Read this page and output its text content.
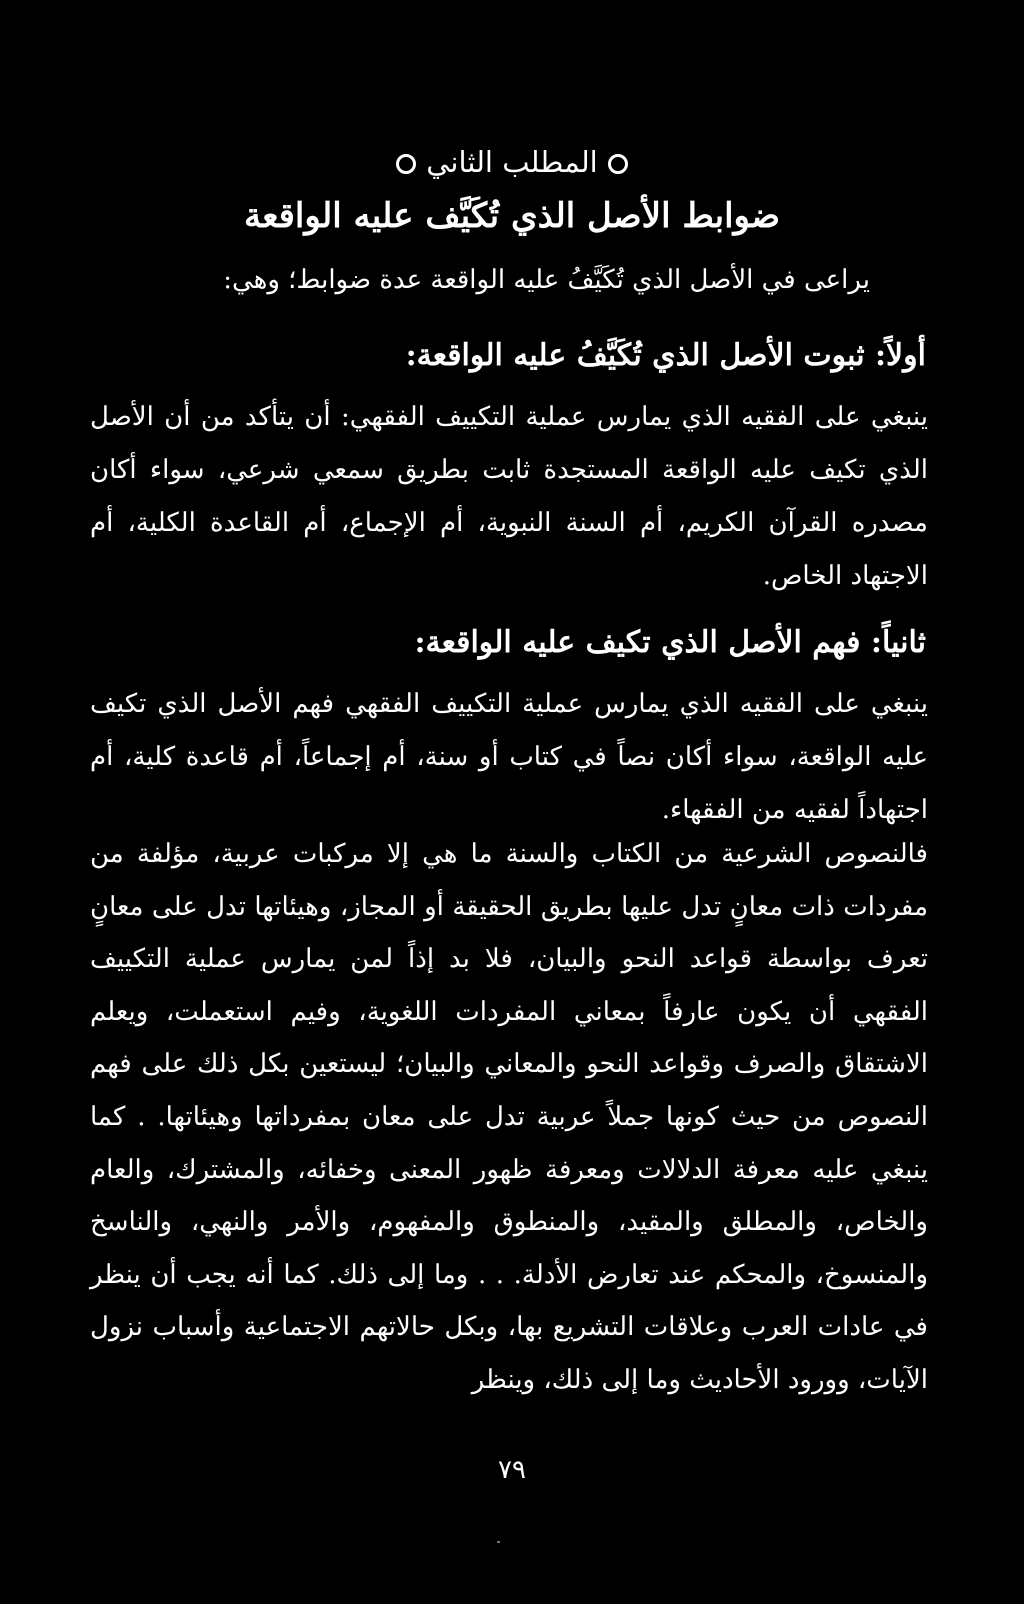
المطلب الثاني
ضوابط الأصل الذي تُكَيَّف عليه الواقعة
يراعى في الأصل الذي تُكَيَّفُ عليه الواقعة عدة ضوابط؛ وهي:
أولاً: ثبوت الأصل الذي تُكَيَّفُ عليه الواقعة:

ينبغي على الفقيه الذي يمارس عملية التكييف الفقهي: أن يتأكد من أن الأصل الذي تكيف عليه الواقعة المستجدة ثابت بطريق سمعي شرعي، سواء أكان مصدره القرآن الكريم، أم السنة النبوية، أم الإجماع، أم القاعدة الكلية، أم الاجتهاد الخاص.

ثانياً: فهم الأصل الذي تكيف عليه الواقعة:

ينبغي على الفقيه الذي يمارس عملية التكييف الفقهي فهم الأصل الذي تكيف عليه الواقعة، سواء أكان نصاً في كتاب أو سنة، أم إجماعاً، أم قاعدة كلية، أم اجتهاداً لفقيه من الفقهاء.

فالنصوص الشرعية من الكتاب والسنة ما هي إلا مركبات عربية، مؤلفة من مفردات ذات معانٍ تدل عليها بطريق الحقيقة أو المجاز، وهيئاتها تدل على معانٍ تعرف بواسطة قواعد النحو والبيان، فلا بد إذاً لمن يمارس عملية التكييف الفقهي أن يكون عارفاً بمعاني المفردات اللغوية، وفيم استعملت، ويعلم الاشتقاق والصرف وقواعد النحو والمعاني والبيان؛ ليستعين بكل ذلك على فهم النصوص من حيث كونها جملاً عربية تدل على معان بمفرداتها وهيئاتها. . كما ينبغي عليه معرفة الدلالات ومعرفة ظهور المعنى وخفائه، والمشترك، والعام والخاص، والمطلق والمقيد، والمنطوق والمفهوم، والأمر والنهي، والناسخ والمنسوخ، والمحكم عند تعارض الأدلة. . . وما إلى ذلك. كما أنه يجب أن ينظر في عادات العرب وعلاقات التشريع بها، وبكل حالاتهم الاجتماعية وأسباب نزول الآيات، وورود الأحاديث وما إلى ذلك، وينظر

٧٩
